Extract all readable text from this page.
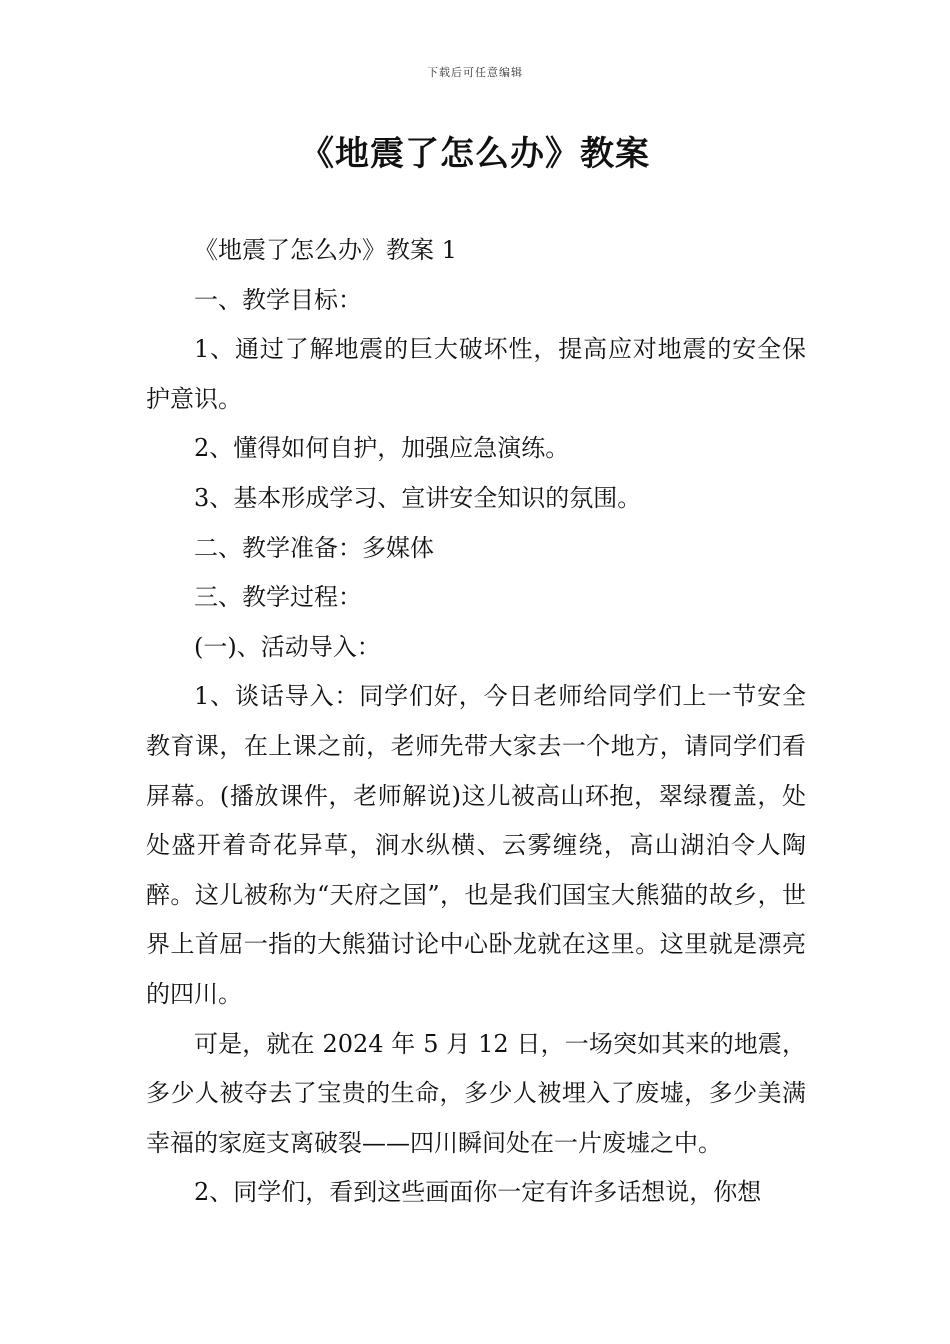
下载后可任意编辑
《地震了怎么办》教案

《地震了怎么办》教案 1

一、教学目标：

1、通过了解地震的巨大破坏性，提高应对地震的安全保护意识。

2、懂得如何自护，加强应急演练。

3、基本形成学习、宣讲安全知识的氛围。

二、教学准备：多媒体

三、教学过程：

(一)、活动导入：

1、谈话导入：同学们好，今日老师给同学们上一节安全教育课，在上课之前，老师先带大家去一个地方，请同学们看屏幕。(播放课件，老师解说)这儿被高山环抱，翠绿覆盖，处处盛开着奇花异草，涧水纵横、云雾缠绕，高山湖泊令人陶醉。这儿被称为“天府之国”，也是我们国宝大熊猫的故乡，世界上首屈一指的大熊猫讨论中心卧龙就在这里。这里就是漂亮的四川。

可是，就在 2024 年 5 月 12 日，一场突如其来的地震，多少人被夺去了宝贵的生命，多少人被埋入了废墟，多少美满幸福的家庭支离破裂——四川瞬间处在一片废墟之中。

2、同学们，看到这些画面你一定有许多话想说，你想
